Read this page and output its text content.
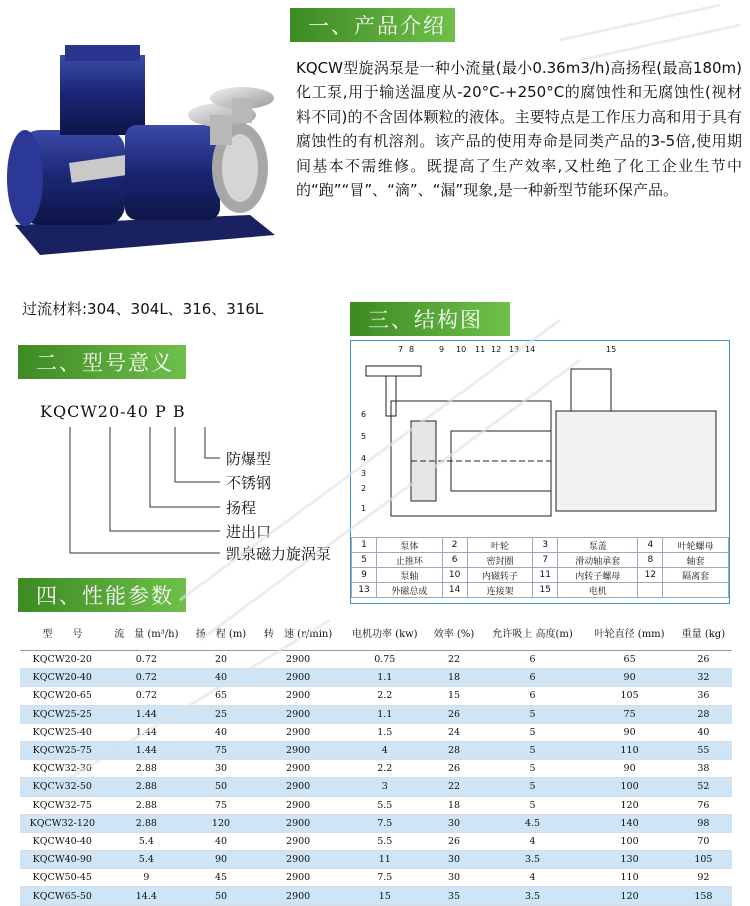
一、产品介绍
KQCW型旋涡泵是一种小流量(最小0.36m3/h)高扬程(最高180m)化工泵,用于输送温度从-20°C-+250°C的腐蚀性和无腐蚀性(视材料不同)的不含固体颗粒的液体。主要特点是工作压力高和用于具有腐蚀性的有机溶剂。该产品的使用寿命是同类产品的3-5倍,使用期间基本不需维修。既提高了生产效率,又杜绝了化工企业生节中的“跑”“冒”、“滴”、“漏”现象,是一种新型节能环保产品。
过流材料:304、304L、316、316L
二、型号意义
KQCW20-40 P B
防爆型
不锈钢
扬程
进出口
凯泉磁力旋涡泵
三、结构图
7 8	9 10 11 12 13 14	15
6
5
4
3
2
1
1	泵体	2	叶轮	3	泵盖	4	叶轮螺母
5	止推环	6	密封圈	7	滑动轴承套	8	轴套
9	泵轴	10	内磁转子	11	内转子螺母	12	隔离套
13	外磁总成	14	连接架	15	电机		
四、性能参数
型　　号	流　量 (m³/h)	扬　程 (m)	转　速 (r/min)	电机功率 (kw)	效率 (%)	允许吸上 高度(m)	叶轮直径 (mm)	重量 (kg)
KQCW20-20	0.72	20	2900	0.75	22	6	65	26
KQCW20-40	0.72	40	2900	1.1	18	6	90	32
KQCW20-65	0.72	65	2900	2.2	15	6	105	36
KQCW25-25	1.44	25	2900	1.1	26	5	75	28
KQCW25-40	1.44	40	2900	1.5	24	5	90	40
KQCW25-75	1.44	75	2900	4	28	5	110	55
KQCW32-30	2.88	30	2900	2.2	26	5	90	38
KQCW32-50	2.88	50	2900	3	22	5	100	52
KQCW32-75	2.88	75	2900	5.5	18	5	120	76
KQCW32-120	2.88	120	2900	7.5	30	4.5	140	98
KQCW40-40	5.4	40	2900	5.5	26	4	100	70
KQCW40-90	5.4	90	2900	11	30	3.5	130	105
KQCW50-45	9	45	2900	7.5	30	4	110	92
KQCW65-50	14.4	50	2900	15	35	3.5	120	158
